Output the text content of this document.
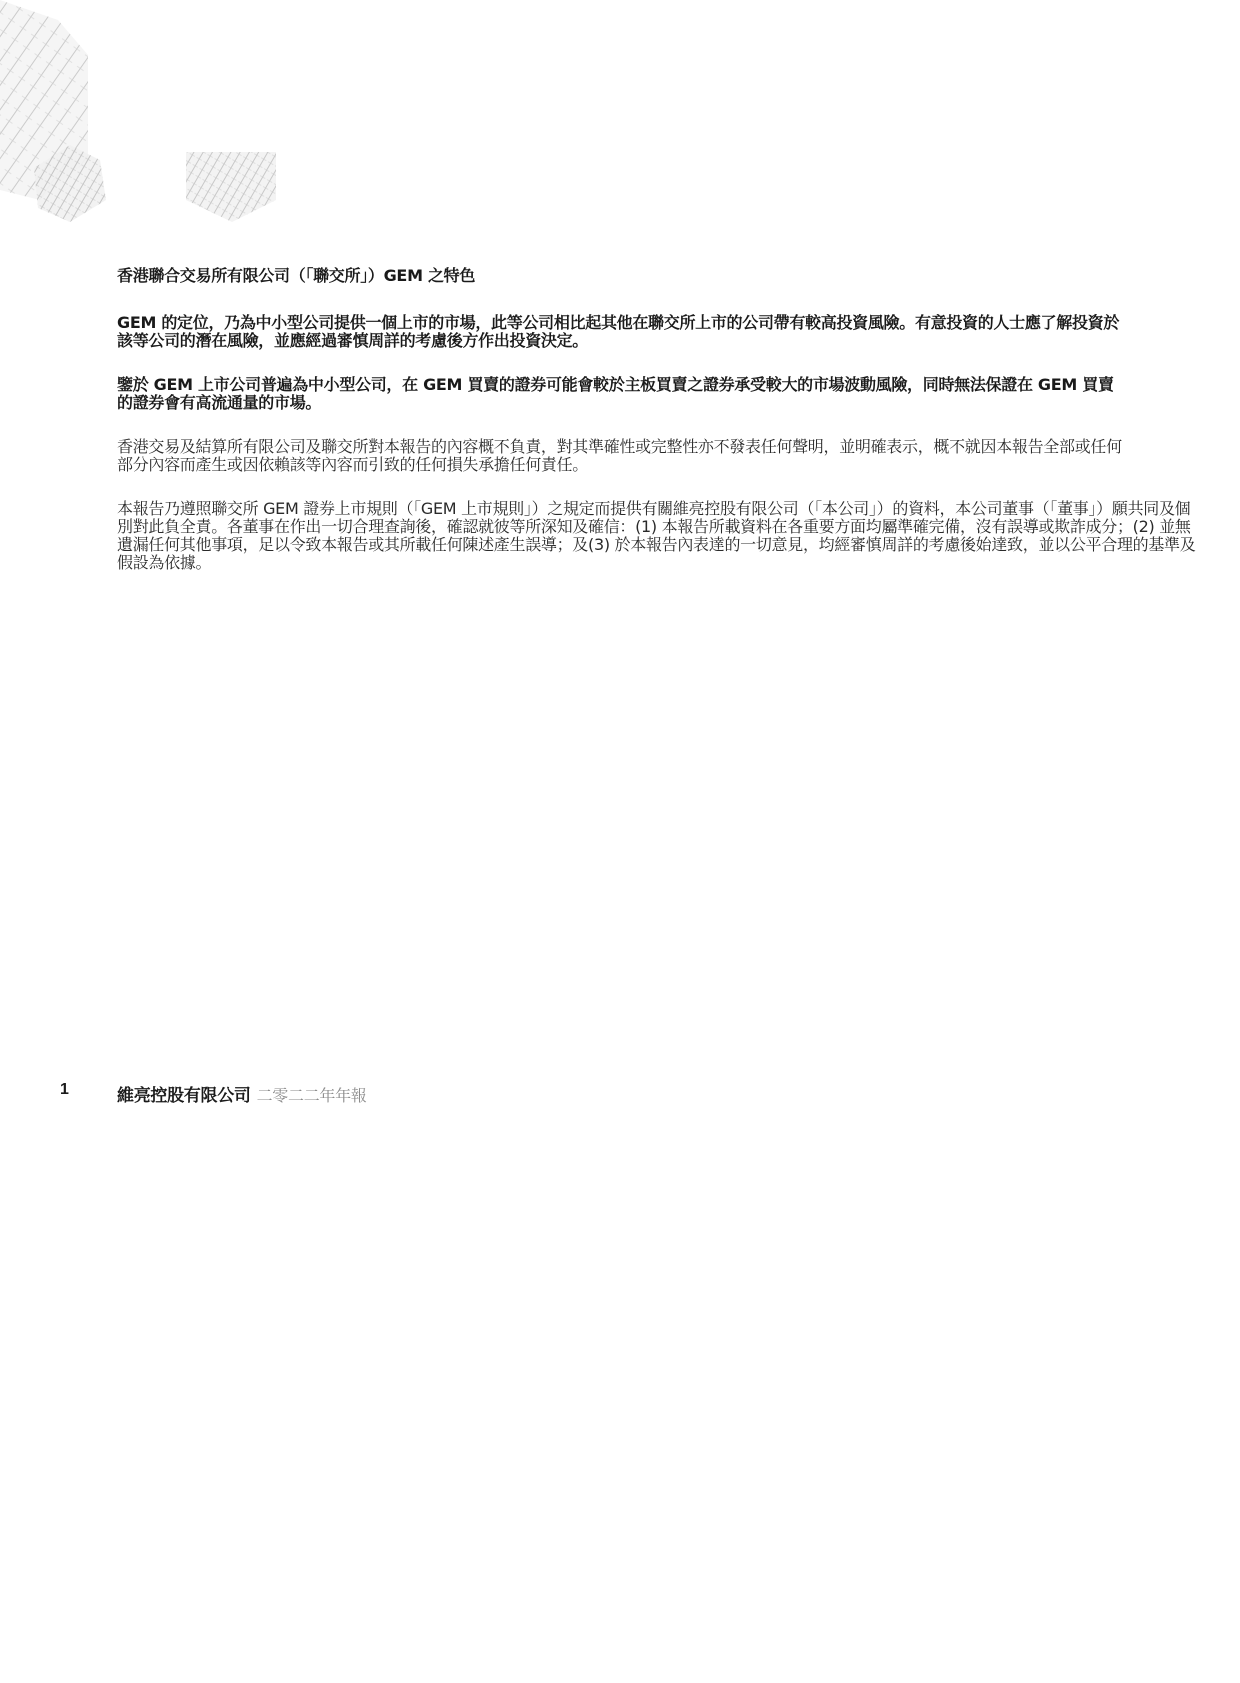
香港聯合交易所有限公司（「聯交所」）GEM 之特色

GEM 的定位，乃為中小型公司提供一個上市的市場，此等公司相比起其他在聯交所上市的公司帶有較高投資風險。有意投資的人士應了解投資於該等公司的潛在風險，並應經過審慎周詳的考慮後方作出投資決定。

鑒於 GEM 上市公司普遍為中小型公司，在 GEM 買賣的證券可能會較於主板買賣之證券承受較大的市場波動風險，同時無法保證在 GEM 買賣的證券會有高流通量的市場。

香港交易及結算所有限公司及聯交所對本報告的內容概不負責，對其準確性或完整性亦不發表任何聲明，並明確表示，概不就因本報告全部或任何部分內容而產生或因依賴該等內容而引致的任何損失承擔任何責任。

本報告乃遵照聯交所 GEM 證券上市規則（「GEM 上市規則」）之規定而提供有關維亮控股有限公司（「本公司」）的資料，本公司董事（「董事」）願共同及個別對此負全責。各董事在作出一切合理查詢後，確認就彼等所深知及確信：(1) 本報告所載資料在各重要方面均屬準確完備，沒有誤導或欺詐成分；(2) 並無遺漏任何其他事項，足以令致本報告或其所載任何陳述產生誤導；及(3) 於本報告內表達的一切意見，均經審慎周詳的考慮後始達致，並以公平合理的基準及假設為依據。

1	維亮控股有限公司 二零二二年年報
